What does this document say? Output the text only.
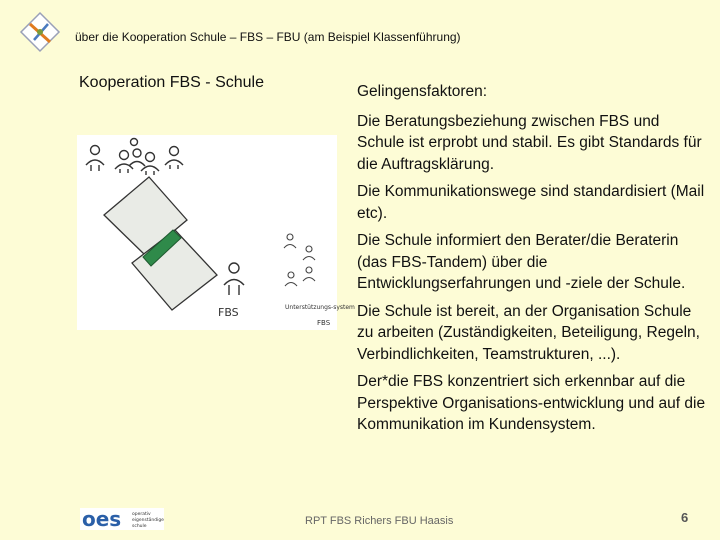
über die Kooperation Schule – FBS – FBU (am Beispiel Klassenführung)
Kooperation FBS - Schule
FBS	Unterstützungs-system
FBS

Gelingensfaktoren:

Die Beratungsbeziehung zwischen FBS und Schule ist erprobt und stabil. Es gibt Standards für die Auftragsklärung.

Die Kommunikationswege sind standardisiert (Mail etc).

Die Schule informiert den Berater/die Beraterin (das FBS-Tandem) über die Entwicklungserfahrungen und -ziele der Schule.

Die Schule ist bereit, an der Organisation Schule zu arbeiten (Zuständigkeiten, Beteiligung, Regeln, Verbindlichkeiten, Teamstrukturen, ...).

Der*die FBS konzentriert sich erkennbar auf die Perspektive Organisations-entwicklung und auf die Kommunikation im Kundensystem.

oes operativ
eigenständige
schule	RPT FBS Richers FBU Haasis	6
